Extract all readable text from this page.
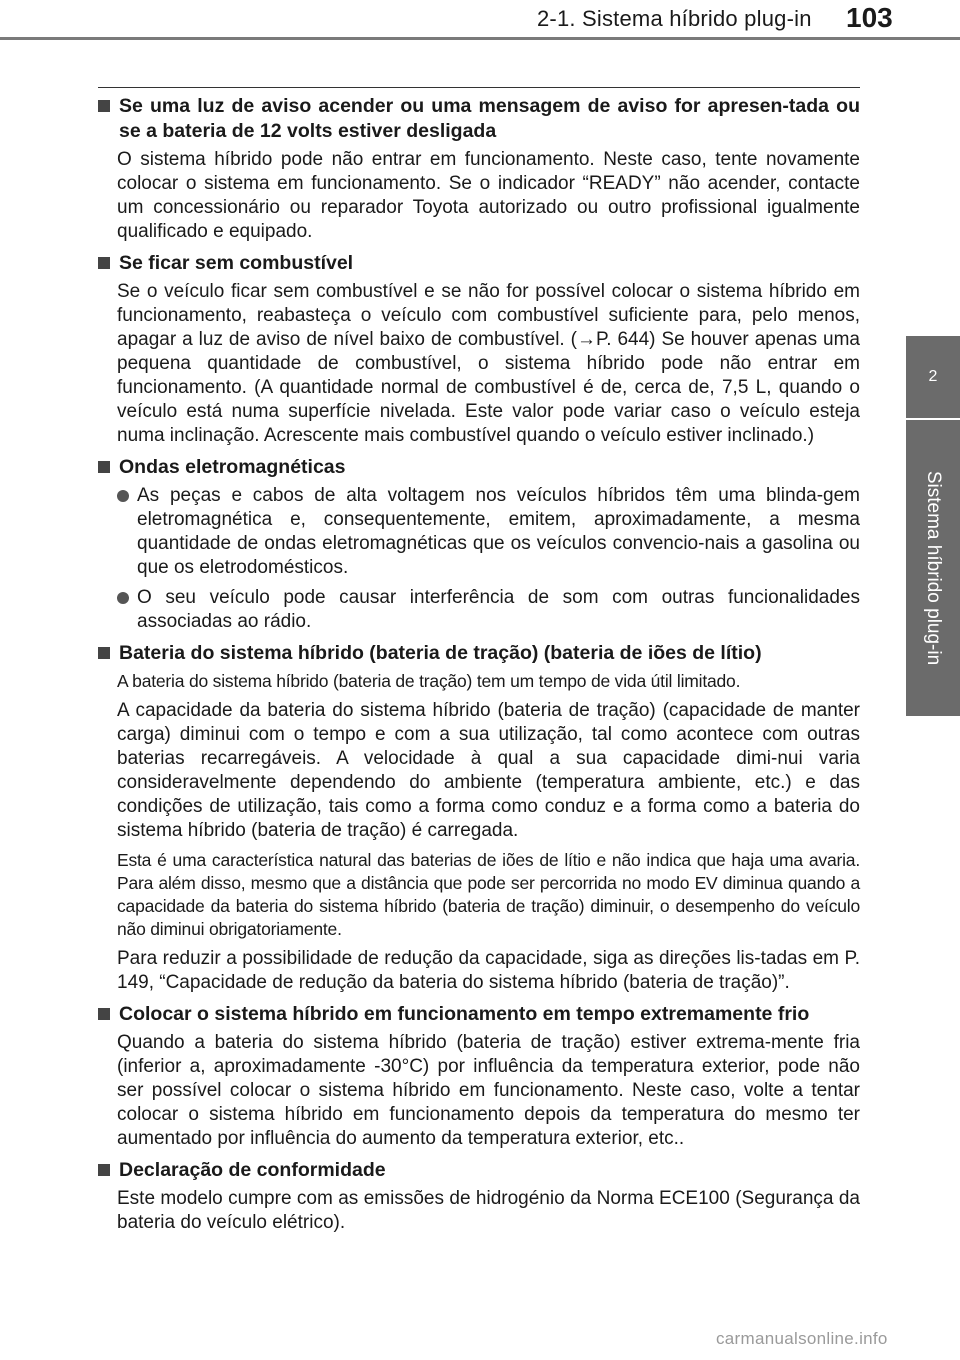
2-1. Sistema híbrido plug-in 103
2
Sistema híbrido plug-in
Se uma luz de aviso acender ou uma mensagem de aviso for apresen-tada ou se a bateria de 12 volts estiver desligada

O sistema híbrido pode não entrar em funcionamento. Neste caso, tente novamente colocar o sistema em funcionamento. Se o indicador “READY” não acender, contacte um concessionário ou reparador Toyota autorizado ou outro profissional igualmente qualificado e equipado.

Se ficar sem combustível

Se o veículo ficar sem combustível e se não for possível colocar o sistema híbrido em funcionamento, reabasteça o veículo com combustível suficiente para, pelo menos, apagar a luz de aviso de nível baixo de combustível. (→P. 644) Se houver apenas uma pequena quantidade de combustível, o sistema híbrido pode não entrar em funcionamento. (A quantidade normal de combustível é de, cerca de, 7,5 L, quando o veículo está numa superfície nivelada. Este valor pode variar caso o veículo esteja numa inclinação. Acrescente mais combustível quando o veículo estiver inclinado.)

Ondas eletromagnéticas
As peças e cabos de alta voltagem nos veículos híbridos têm uma blinda-gem eletromagnética e, consequentemente, emitem, aproximadamente, a mesma quantidade de ondas eletromagnéticas que os veículos convencio-nais a gasolina ou que os eletrodomésticos.
O seu veículo pode causar interferência de som com outras funcionalidades associadas ao rádio.
Bateria do sistema híbrido (bateria de tração) (bateria de iões de lítio)

A bateria do sistema híbrido (bateria de tração) tem um tempo de vida útil limitado.

A capacidade da bateria do sistema híbrido (bateria de tração) (capacidade de manter carga) diminui com o tempo e com a sua utilização, tal como acontece com outras baterias recarregáveis. A velocidade à qual a sua capacidade dimi-nui varia consideravelmente dependendo do ambiente (temperatura ambiente, etc.) e das condições de utilização, tais como a forma como conduz e a forma como a bateria do sistema híbrido (bateria de tração) é carregada.

Esta é uma característica natural das baterias de iões de lítio e não indica que haja uma avaria. Para além disso, mesmo que a distância que pode ser percorrida no modo EV diminua quando a capacidade da bateria do sistema híbrido (bateria de tração) diminuir, o desempenho do veículo não diminui obrigatoriamente.

Para reduzir a possibilidade de redução da capacidade, siga as direções lis-tadas em P. 149, “Capacidade de redução da bateria do sistema híbrido (bateria de tração)”.

Colocar o sistema híbrido em funcionamento em tempo extremamente frio

Quando a bateria do sistema híbrido (bateria de tração) estiver extrema-mente fria (inferior a, aproximadamente -30°C) por influência da temperatura exterior, pode não ser possível colocar o sistema híbrido em funcionamento. Neste caso, volte a tentar colocar o sistema híbrido em funcionamento depois da temperatura do mesmo ter aumentado por influência do aumento da temperatura exterior, etc..

Declaração de conformidade

Este modelo cumpre com as emissões de hidrogénio da Norma ECE100 (Segurança da bateria do veículo elétrico).

carmanualsonline.info
